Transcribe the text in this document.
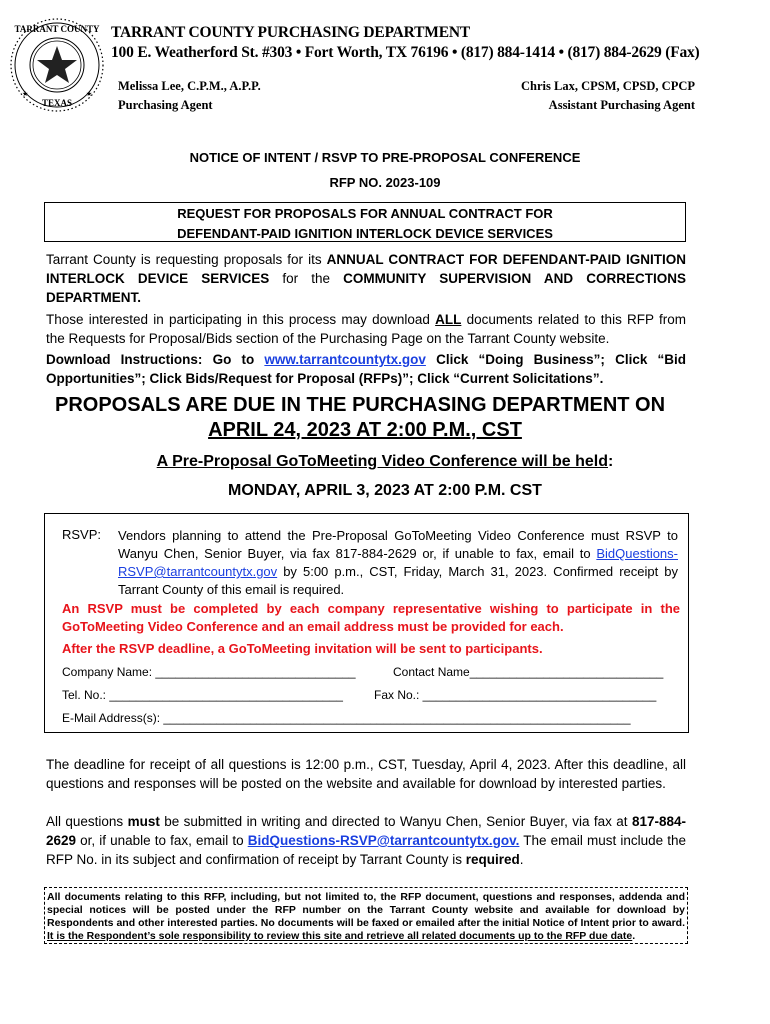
TARRANT COUNTY
TEXAS
★	★
TARRANT COUNTY PURCHASING DEPARTMENT
100 E. Weatherford St. #303 • Fort Worth, TX 76196 • (817) 884-1414 • (817) 884-2629 (Fax)
Melissa Lee, C.P.M., A.P.P.
Purchasing Agent
Chris Lax, CPSM, CPSD, CPCP
Assistant Purchasing Agent
NOTICE OF INTENT / RSVP TO PRE-PROPOSAL CONFERENCE
RFP NO. 2023-109
REQUEST FOR PROPOSALS FOR ANNUAL CONTRACT FOR
DEFENDANT-PAID IGNITION INTERLOCK DEVICE SERVICES
Tarrant County is requesting proposals for its ANNUAL CONTRACT FOR DEFENDANT-PAID IGNITION INTERLOCK DEVICE SERVICES for the COMMUNITY SUPERVISION AND CORRECTIONS DEPARTMENT.
Those interested in participating in this process may download ALL documents related to this RFP from the Requests for Proposal/Bids section of the Purchasing Page on the Tarrant County website.
Download Instructions: Go to www.tarrantcountytx.gov Click “Doing Business”; Click “Bid Opportunities”; Click Bids/Request for Proposal (RFPs)”; Click “Current Solicitations”.
PROPOSALS ARE DUE IN THE PURCHASING DEPARTMENT ON
APRIL 24, 2023 AT 2:00 P.M., CST
A Pre-Proposal GoToMeeting Video Conference will be held:
MONDAY, APRIL 3, 2023 AT 2:00 P.M. CST
RSVP: Vendors planning to attend the Pre-Proposal GoToMeeting Video Conference must RSVP to Wanyu Chen, Senior Buyer, via fax 817-884-2629 or, if unable to fax, email to BidQuestions-RSVP@tarrantcountytx.gov by 5:00 p.m., CST, Friday, March 31, 2023. Confirmed receipt by Tarrant County of this email is required.
An RSVP must be completed by each company representative wishing to participate in the GoToMeeting Video Conference and an email address must be provided for each.
After the RSVP deadline, a GoToMeeting invitation will be sent to participants.
Company Name: ______________________________	Contact Name_____________________________
Tel. No.: ___________________________________	Fax No.: ___________________________________
E-Mail Address(s): ______________________________________________________________________
The deadline for receipt of all questions is 12:00 p.m., CST, Tuesday, April 4, 2023. After this deadline, all questions and responses will be posted on the website and available for download by interested parties.
All questions must be submitted in writing and directed to Wanyu Chen, Senior Buyer, via fax at 817-884-2629 or, if unable to fax, email to BidQuestions-RSVP@tarrantcountytx.gov. The email must include the RFP No. in its subject and confirmation of receipt by Tarrant County is required.
All documents relating to this RFP, including, but not limited to, the RFP document, questions and responses, addenda and special notices will be posted under the RFP number on the Tarrant County website and available for download by Respondents and other interested parties. No documents will be faxed or emailed after the initial Notice of Intent prior to award. It is the Respondent’s sole responsibility to review this site and retrieve all related documents up to the RFP due date.
